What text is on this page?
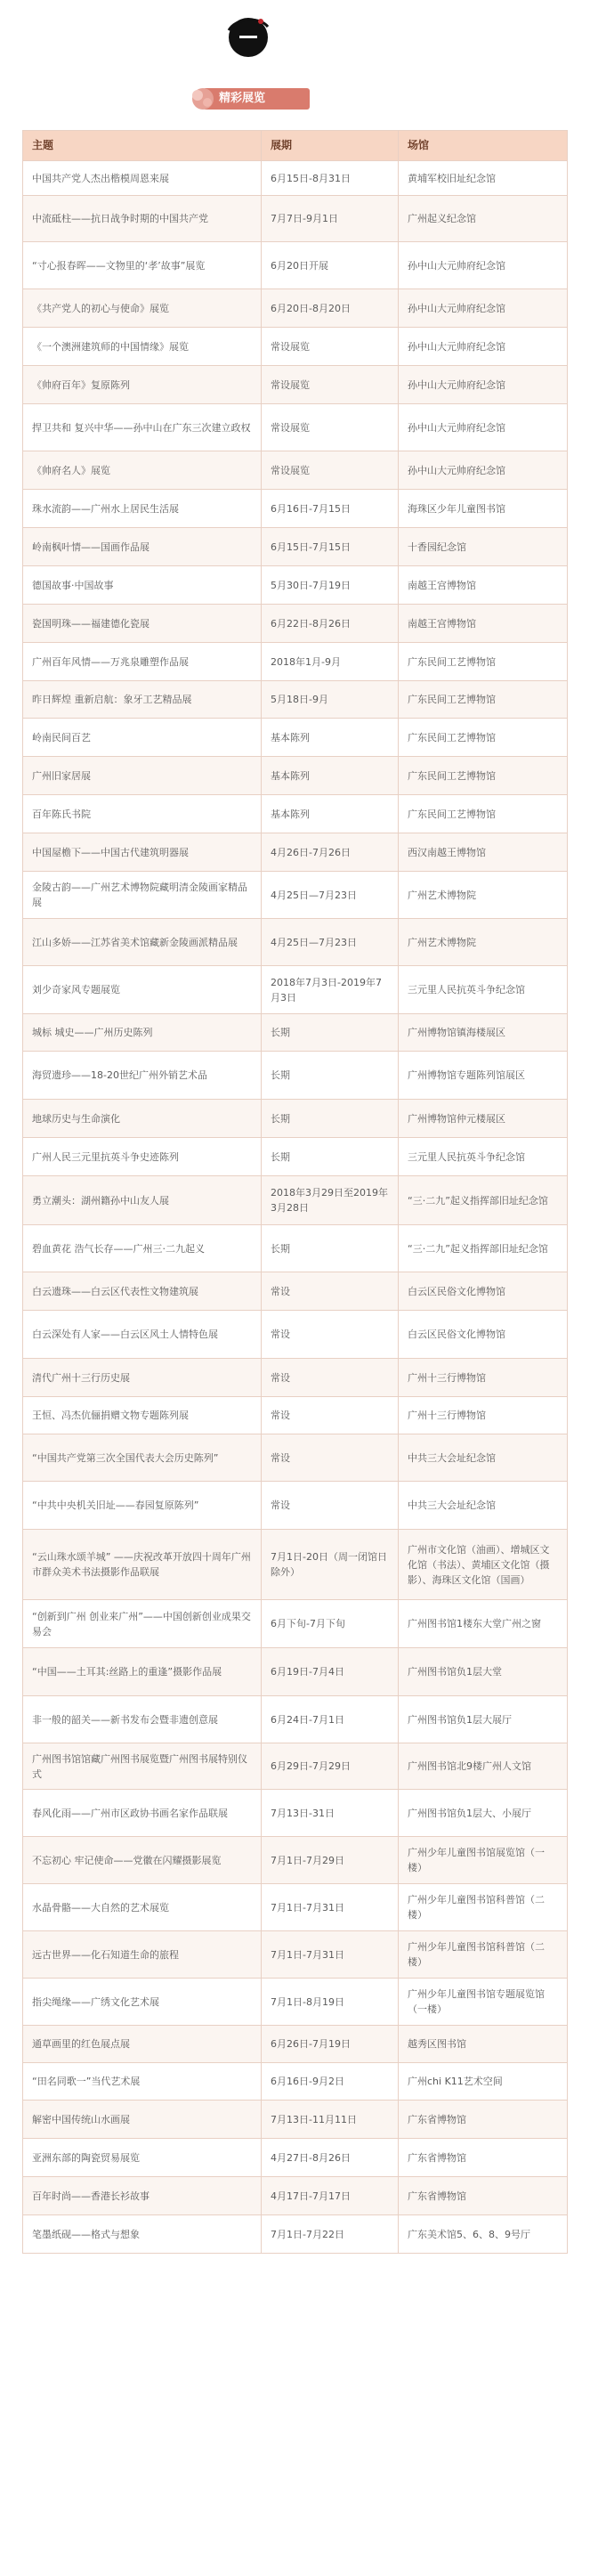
精彩展览
主题	展期	场馆
中国共产党人杰出楷模周恩来展	6月15日-8月31日	黄埔军校旧址纪念馆
中流砥柱——抗日战争时期的中国共产党	7月7日-9月1日	广州起义纪念馆
“寸心报春晖——文物里的‘孝’故事”展览	6月20日开展	孙中山大元帅府纪念馆
《共产党人的初心与使命》展览	6月20日-8月20日	孙中山大元帅府纪念馆
《一个澳洲建筑师的中国情缘》展览	常设展览	孙中山大元帅府纪念馆
《帅府百年》复原陈列	常设展览	孙中山大元帅府纪念馆
捍卫共和 复兴中华——孙中山在广东三次建立政权	常设展览	孙中山大元帅府纪念馆
《帅府名人》展览	常设展览	孙中山大元帅府纪念馆
珠水流韵——广州水上居民生活展	6月16日-7月15日	海珠区少年儿童图书馆
岭南枫叶情——国画作品展	6月15日-7月15日	十香园纪念馆
德国故事·中国故事	5月30日-7月19日	南越王宫博物馆
瓷国明珠——福建德化瓷展	6月22日-8月26日	南越王宫博物馆
广州百年风情——万兆泉雕塑作品展	2018年1月-9月	广东民间工艺博物馆
昨日辉煌 重新启航：象牙工艺精品展	5月18日-9月	广东民间工艺博物馆
岭南民间百艺	基本陈列	广东民间工艺博物馆
广州旧家居展	基本陈列	广东民间工艺博物馆
百年陈氏书院	基本陈列	广东民间工艺博物馆
中国屋檐下——中国古代建筑明器展	4月26日-7月26日	西汉南越王博物馆
金陵古韵——广州艺术博物院藏明清金陵画家精品展	4月25日—7月23日	广州艺术博物院
江山多娇——江苏省美术馆藏新金陵画派精品展	4月25日—7月23日	广州艺术博物院
刘少奇家风专题展览	2018年7月3日-2019年7月3日	三元里人民抗英斗争纪念馆
城标 城史——广州历史陈列	长期	广州博物馆镇海楼展区
海贸遗珍——18-20世纪广州外销艺术品	长期	广州博物馆专题陈列馆展区
地球历史与生命演化	长期	广州博物馆仲元楼展区
广州人民三元里抗英斗争史迹陈列	长期	三元里人民抗英斗争纪念馆
勇立潮头：湖州籍孙中山友人展	2018年3月29日至2019年3月28日	“三·二九”起义指挥部旧址纪念馆
碧血黄花 浩气长存——广州三·二九起义	长期	“三·二九”起义指挥部旧址纪念馆
白云遗珠——白云区代表性文物建筑展	常设	白云区民俗文化博物馆
白云深处有人家——白云区风土人情特色展	常设	白云区民俗文化博物馆
清代广州十三行历史展	常设	广州十三行博物馆
王恒、冯杰伉俪捐赠文物专题陈列展	常设	广州十三行博物馆
“中国共产党第三次全国代表大会历史陈列”	常设	中共三大会址纪念馆
“中共中央机关旧址——春园复原陈列”	常设	中共三大会址纪念馆
“云山珠水颂羊城” ——庆祝改革开放四十周年广州市群众美术书法摄影作品联展	7月1日-20日（周一闭馆日除外）	广州市文化馆（油画）、增城区文化馆（书法）、黄埔区文化馆（摄影）、海珠区文化馆（国画）
“创新到广州 创业来广州”——中国创新创业成果交易会	6月下旬-7月下旬	广州图书馆1楼东大堂广州之窗
“中国——土耳其:丝路上的重逢”摄影作品展	6月19日-7月4日	广州图书馆负1层大堂
非一般的韶关——新书发布会暨非遗创意展	6月24日-7月1日	广州图书馆负1层大展厅
广州图书馆馆藏广州图书展览暨广州图书展特别仪式	6月29日-7月29日	广州图书馆北9楼广州人文馆
春风化雨——广州市区政协书画名家作品联展	7月13日-31日	广州图书馆负1层大、小展厅
不忘初心 牢记使命——党徽在闪耀摄影展览	7月1日-7月29日	广州少年儿童图书馆展览馆（一楼）
水晶骨骼——大自然的艺术展览	7月1日-7月31日	广州少年儿童图书馆科普馆（二楼）
远古世界——化石知道生命的旅程	7月1日-7月31日	广州少年儿童图书馆科普馆（二楼）
指尖绳缘——广绣文化艺术展	7月1日-8月19日	广州少年儿童图书馆专题展览馆（一楼）
通草画里的红色展点展	6月26日-7月19日	越秀区图书馆
“田名同歌一”当代艺术展	6月16日-9月2日	广州chi K11艺术空间
解密中国传统山水画展	7月13日-11月11日	广东省博物馆
亚洲东部的陶瓷贸易展览	4月27日-8月26日	广东省博物馆
百年时尚——香港长衫故事	4月17日-7月17日	广东省博物馆
笔墨纸砚——格式与想象	7月1日-7月22日	广东美术馆5、6、8、9号厅
